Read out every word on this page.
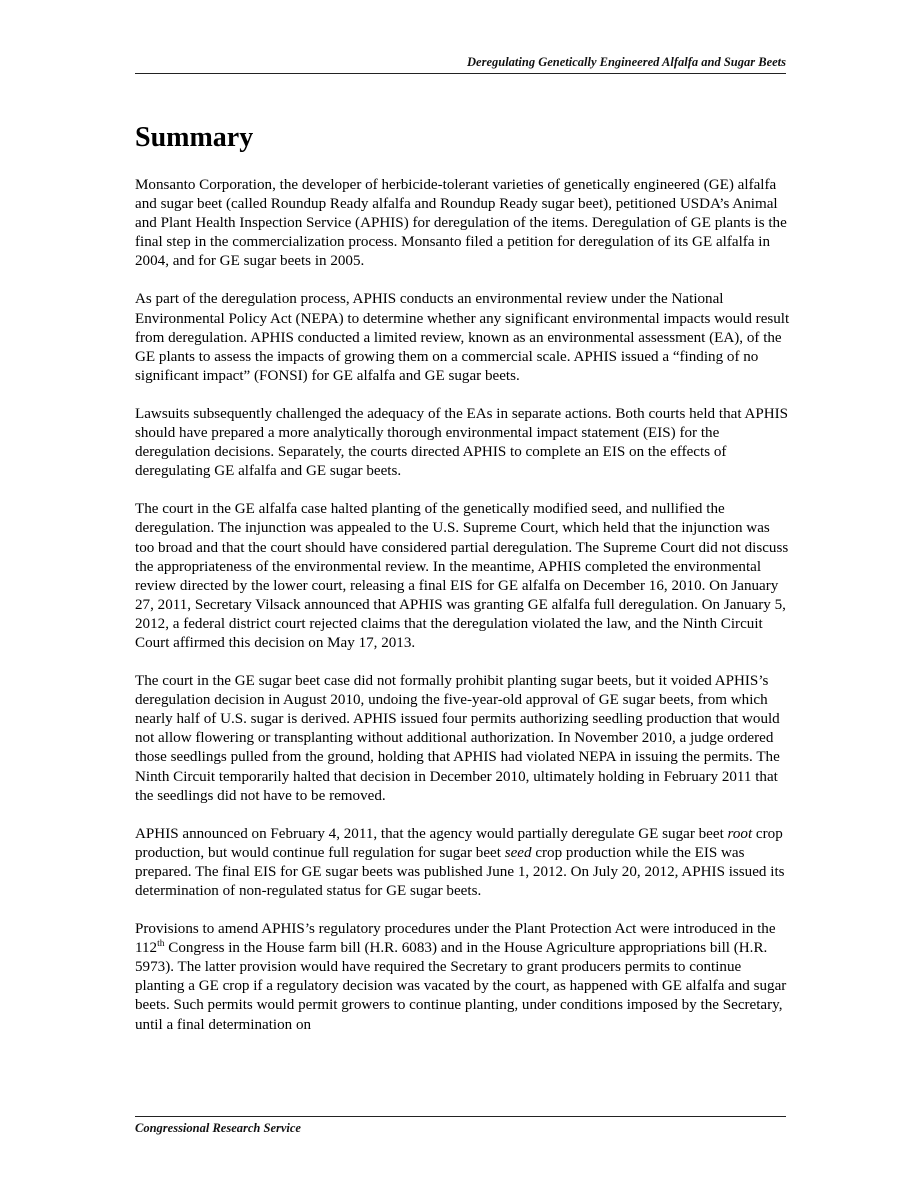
Deregulating Genetically Engineered Alfalfa and Sugar Beets
Summary

Monsanto Corporation, the developer of herbicide-tolerant varieties of genetically engineered (GE) alfalfa and sugar beet (called Roundup Ready alfalfa and Roundup Ready sugar beet), petitioned USDA’s Animal and Plant Health Inspection Service (APHIS) for deregulation of the items. Deregulation of GE plants is the final step in the commercialization process. Monsanto filed a petition for deregulation of its GE alfalfa in 2004, and for GE sugar beets in 2005.

As part of the deregulation process, APHIS conducts an environmental review under the National Environmental Policy Act (NEPA) to determine whether any significant environmental impacts would result from deregulation. APHIS conducted a limited review, known as an environmental assessment (EA), of the GE plants to assess the impacts of growing them on a commercial scale. APHIS issued a “finding of no significant impact” (FONSI) for GE alfalfa and GE sugar beets.

Lawsuits subsequently challenged the adequacy of the EAs in separate actions. Both courts held that APHIS should have prepared a more analytically thorough environmental impact statement (EIS) for the deregulation decisions. Separately, the courts directed APHIS to complete an EIS on the effects of deregulating GE alfalfa and GE sugar beets.

The court in the GE alfalfa case halted planting of the genetically modified seed, and nullified the deregulation. The injunction was appealed to the U.S. Supreme Court, which held that the injunction was too broad and that the court should have considered partial deregulation. The Supreme Court did not discuss the appropriateness of the environmental review. In the meantime, APHIS completed the environmental review directed by the lower court, releasing a final EIS for GE alfalfa on December 16, 2010. On January 27, 2011, Secretary Vilsack announced that APHIS was granting GE alfalfa full deregulation. On January 5, 2012, a federal district court rejected claims that the deregulation violated the law, and the Ninth Circuit Court affirmed this decision on May 17, 2013.

The court in the GE sugar beet case did not formally prohibit planting sugar beets, but it voided APHIS’s deregulation decision in August 2010, undoing the five-year-old approval of GE sugar beets, from which nearly half of U.S. sugar is derived. APHIS issued four permits authorizing seedling production that would not allow flowering or transplanting without additional authorization. In November 2010, a judge ordered those seedlings pulled from the ground, holding that APHIS had violated NEPA in issuing the permits. The Ninth Circuit temporarily halted that decision in December 2010, ultimately holding in February 2011 that the seedlings did not have to be removed.

APHIS announced on February 4, 2011, that the agency would partially deregulate GE sugar beet root crop production, but would continue full regulation for sugar beet seed crop production while the EIS was prepared. The final EIS for GE sugar beets was published June 1, 2012. On July 20, 2012, APHIS issued its determination of non-regulated status for GE sugar beets.

Provisions to amend APHIS’s regulatory procedures under the Plant Protection Act were introduced in the 112th Congress in the House farm bill (H.R. 6083) and in the House Agriculture appropriations bill (H.R. 5973). The latter provision would have required the Secretary to grant producers permits to continue planting a GE crop if a regulatory decision was vacated by the court, as happened with GE alfalfa and sugar beets. Such permits would permit growers to continue planting, under conditions imposed by the Secretary, until a final determination on

Congressional Research Service
